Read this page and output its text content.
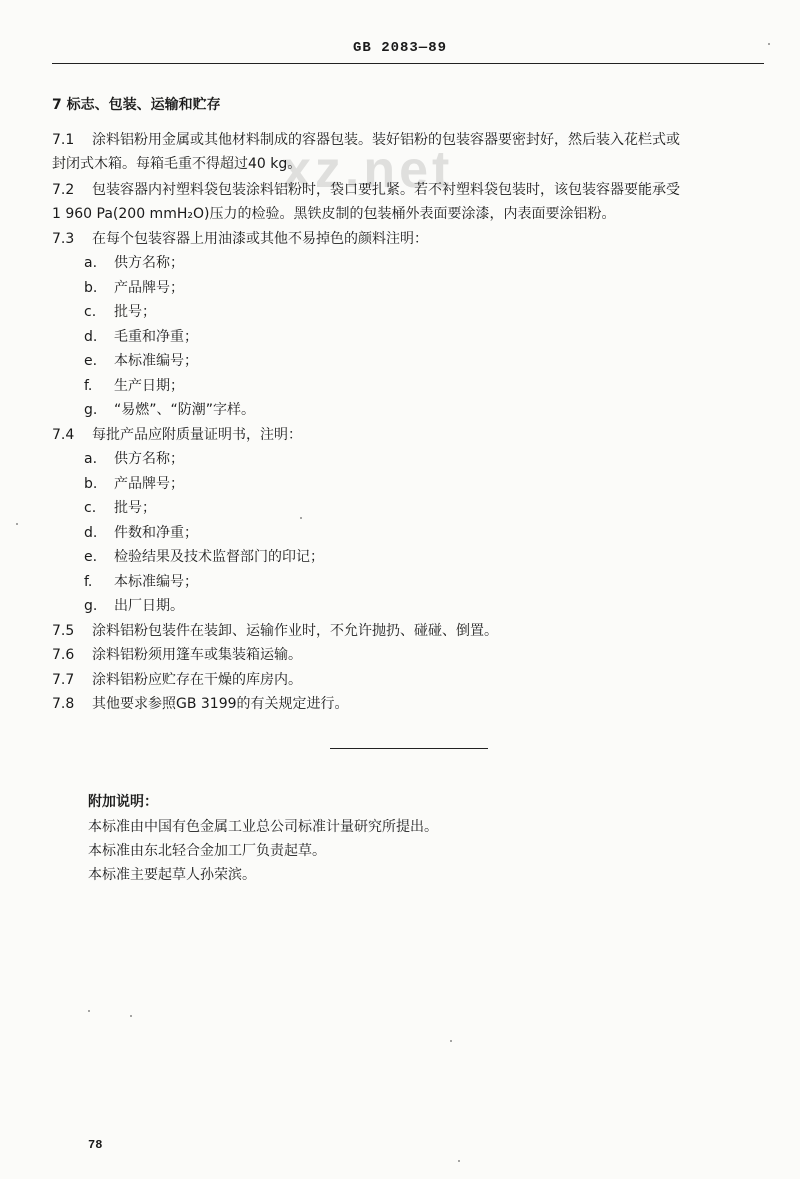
GB 2083—89
xz.net
7 标志、包装、运输和贮存
7.1 涂料铝粉用金属或其他材料制成的容器包装。装好铝粉的包装容器要密封好，然后装入花栏式或
封闭式木箱。每箱毛重不得超过40 kg。
7.2 包装容器内衬塑料袋包装涂料铝粉时，袋口要扎紧。若不衬塑料袋包装时，该包装容器要能承受
1 960 Pa(200 mmH₂O)压力的检验。黑铁皮制的包装桶外表面要涂漆，内表面要涂铝粉。
7.3 在每个包装容器上用油漆或其他不易掉色的颜料注明：
a. 供方名称；
b. 产品牌号；
c. 批号；
d. 毛重和净重；
e. 本标准编号；
f. 生产日期；
g. “易燃”、“防潮”字样。
7.4 每批产品应附质量证明书，注明：
a. 供方名称；
b. 产品牌号；
c. 批号；
d. 件数和净重；
e. 检验结果及技术监督部门的印记；
f. 本标准编号；
g. 出厂日期。
7.5 涂料铝粉包装件在装卸、运输作业时，不允许抛扔、碰碰、倒置。
7.6 涂料铝粉须用篷车或集装箱运输。
7.7 涂料铝粉应贮存在干燥的库房内。
7.8 其他要求参照GB 3199的有关规定进行。
附加说明：
本标准由中国有色金属工业总公司标准计量研究所提出。
本标准由东北轻合金加工厂负责起草。
本标准主要起草人孙荣滨。
78
